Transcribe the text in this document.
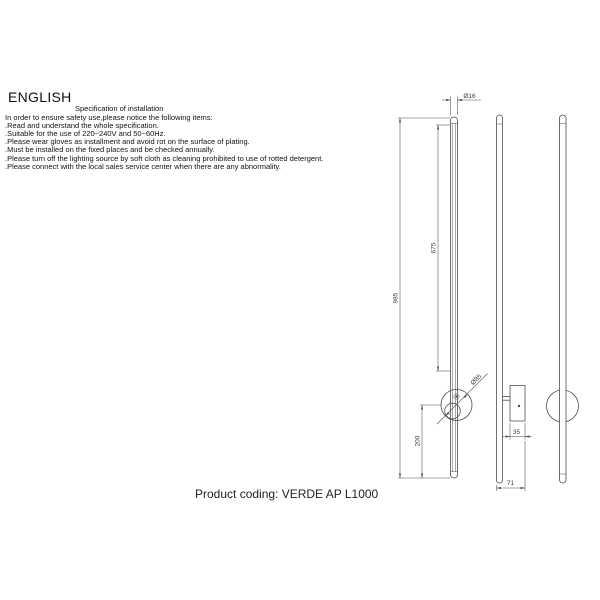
ENGLISH
Specification of installation
In order to ensure safety use,please notice the following items:
.Read and understand the whole specification.
.Suitable for the use of 220~240V and 50~60Hz.
.Please wear gloves as installment and avoid rot on the surface of plating.
.Must be installed on the fixed places and be checked annually.
.Please turn off the lighting source by soft cloth as cleaning prohibited to use of rotted detergent.
.Please connect with the local sales service center when there are any abnormality.
985
675
200
Ø16
Ø85
35
71
Product coding: VERDE AP L1000
